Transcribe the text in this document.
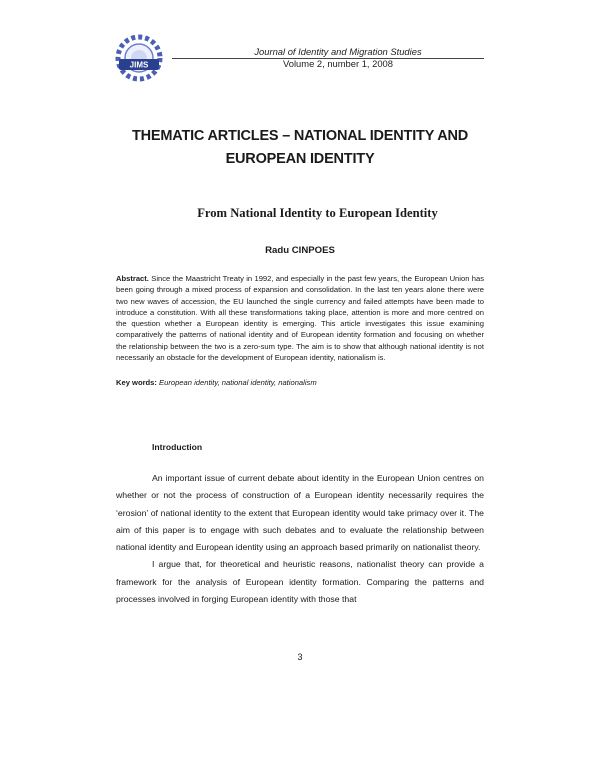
JIMS
Journal of Identity and Migration Studies
Volume 2, number 1, 2008
THEMATIC ARTICLES – NATIONAL IDENTITY AND
EUROPEAN IDENTITY
From National Identity to European Identity
Radu CINPOES
Abstract. Since the Maastricht Treaty in 1992, and especially in the past few years, the European Union has been going through a mixed process of expansion and consolidation. In the last ten years alone there were two new waves of accession, the EU launched the single currency and failed attempts have been made to introduce a constitution. With all these transformations taking place, attention is more and more centred on the question whether a European identity is emerging. This article investigates this issue examining comparatively the patterns of national identity and of European identity formation and focusing on whether the relationship between the two is a zero-sum type. The aim is to show that although national identity is not necessarily an obstacle for the development of European identity, nationalism is.
Key words: European identity, national identity, nationalism
Introduction

An important issue of current debate about identity in the European Union centres on whether or not the process of construction of a European identity necessarily requires the ‘erosion’ of national identity to the extent that European identity would take primacy over it. The aim of this paper is to engage with such debates and to evaluate the relationship between national identity and European identity using an approach based primarily on nationalist theory.

I argue that, for theoretical and heuristic reasons, nationalist theory can provide a framework for the analysis of European identity formation. Comparing the patterns and processes involved in forging European identity with those that

3
